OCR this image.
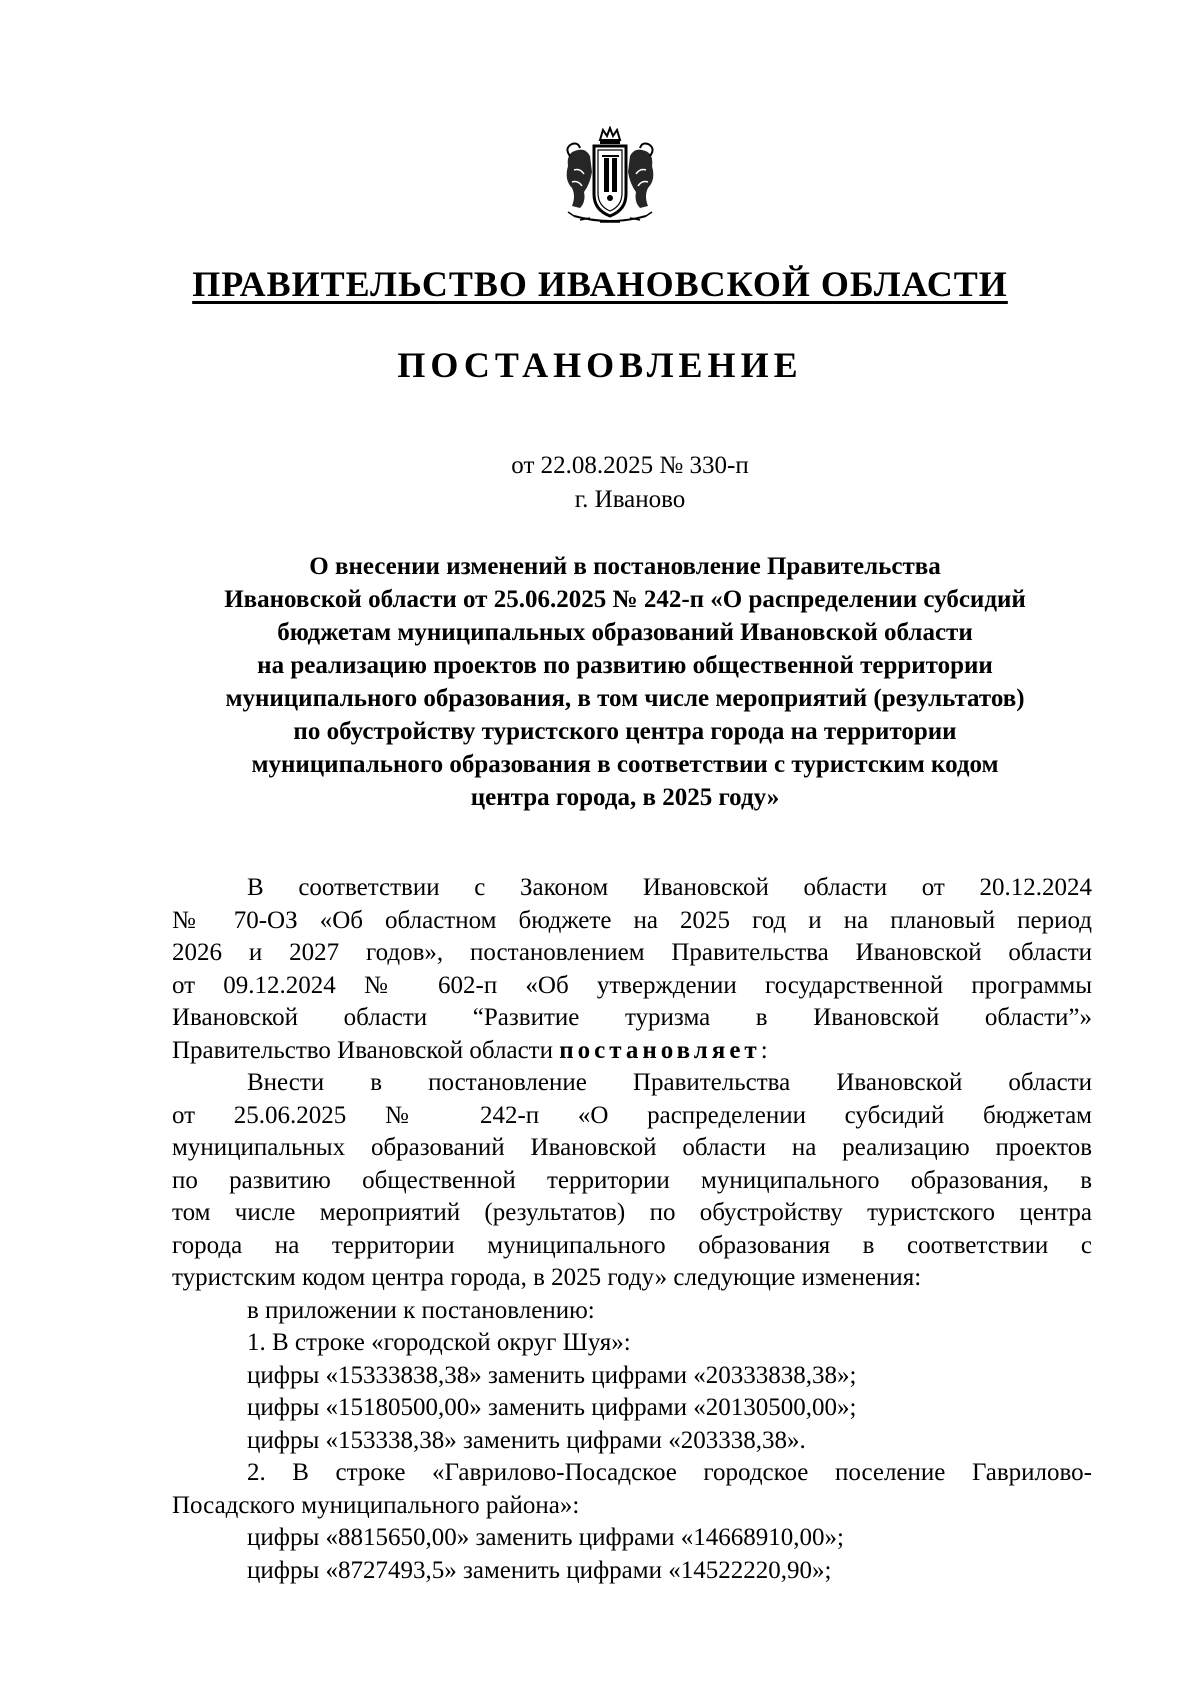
ПРАВИТЕЛЬСТВО ИВАНОВСКОЙ ОБЛАСТИ
ПОСТАНОВЛЕНИЕ
от 22.08.2025 № 330-п
г. Иваново
О внесении изменений в постановление Правительства
Ивановской области от 25.06.2025 № 242-п «О распределении субсидий
бюджетам муниципальных образований Ивановской области
на реализацию проектов по развитию общественной территории
муниципального образования, в том числе мероприятий (результатов)
по обустройству туристского центра города на территории
муниципального образования в соответствии с туристским кодом
центра города, в 2025 году»
В соответствии с Законом Ивановской области от 20.12.2024
№ 70-ОЗ «Об областном бюджете на 2025 год и на плановый период
2026 и 2027 годов», постановлением Правительства Ивановской области
от 09.12.2024 № 602-п «Об утверждении государственной программы
Ивановской области “Развитие туризма в Ивановской области”»
Правительство Ивановской области постановляет:
Внести в постановление Правительства Ивановской области
от 25.06.2025 № 242-п «О распределении субсидий бюджетам
муниципальных образований Ивановской области на реализацию проектов
по развитию общественной территории муниципального образования, в
том числе мероприятий (результатов) по обустройству туристского центра
города на территории муниципального образования в соответствии с
туристским кодом центра города, в 2025 году» следующие изменения:
в приложении к постановлению:
1. В строке «городской округ Шуя»:
цифры «15333838,38» заменить цифрами «20333838,38»;
цифры «15180500,00» заменить цифрами «20130500,00»;
цифры «153338,38» заменить цифрами «203338,38».
2. В строке «Гаврилово-Посадское городское поселение Гаврилово-
Посадского муниципального района»:
цифры «8815650,00» заменить цифрами «14668910,00»;
цифры «8727493,5» заменить цифрами «14522220,90»;
